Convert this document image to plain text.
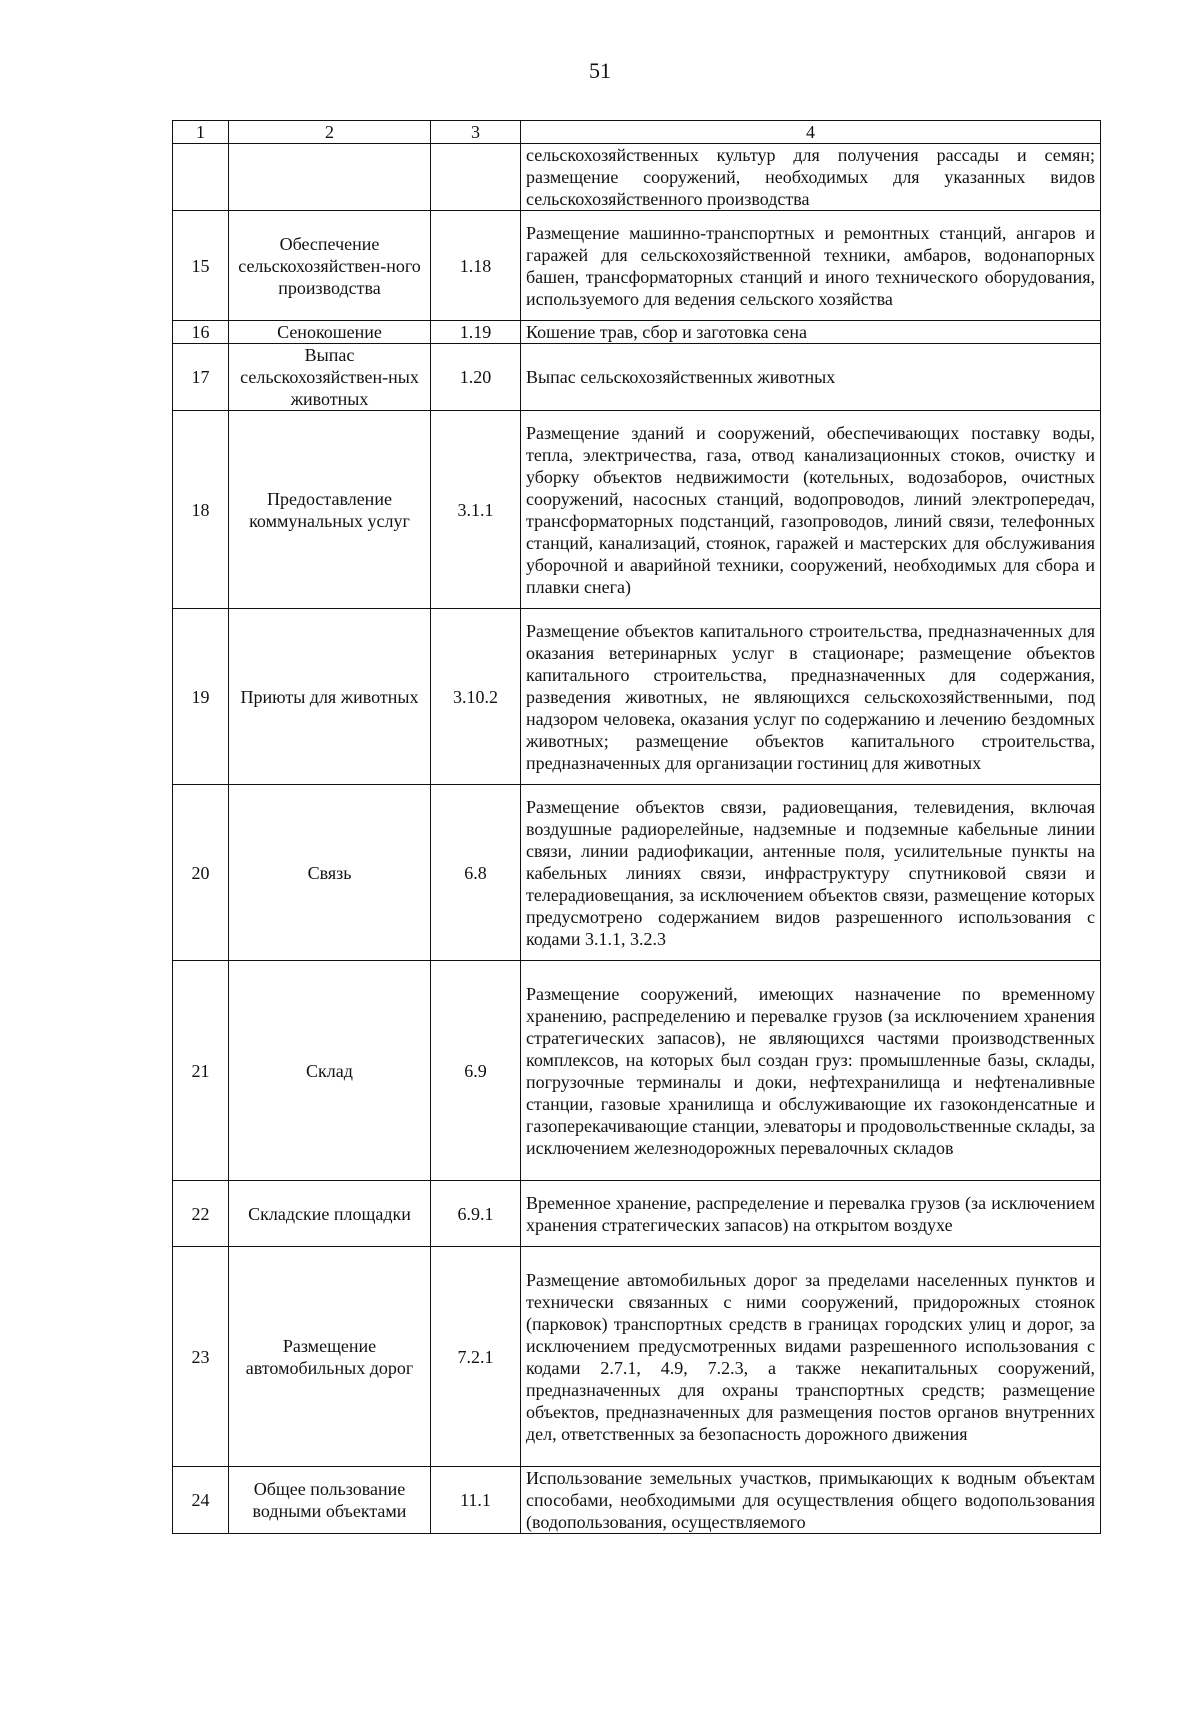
51
1	2	3	4
			сельскохозяйственных культур для получения рассады и семян; размещение сооружений, необходимых для указанных видов сельскохозяйственного производства
15	Обеспечение сельскохозяйствен-ного производства	1.18	Размещение машинно-транспортных и ремонтных станций, ангаров и гаражей для сельскохозяйственной техники, амбаров, водонапорных башен, трансформаторных станций и иного технического оборудования, используемого для ведения сельского хозяйства
16	Сенокошение	1.19	Кошение трав, сбор и заготовка сена
17	Выпас сельскохозяйствен-ных животных	1.20	Выпас сельскохозяйственных животных
18	Предоставление коммунальных услуг	3.1.1	Размещение зданий и сооружений, обеспечивающих поставку воды, тепла, электричества, газа, отвод канализационных стоков, очистку и уборку объектов недвижимости (котельных, водозаборов, очистных сооружений, насосных станций, водопроводов, линий электропередач, трансформаторных подстанций, газопроводов, линий связи, телефонных станций, канализаций, стоянок, гаражей и мастерских для обслуживания уборочной и аварийной техники, сооружений, необходимых для сбора и плавки снега)
19	Приюты для животных	3.10.2	Размещение объектов капитального строительства, предназначенных для оказания ветеринарных услуг в стационаре; размещение объектов капитального строительства, предназначенных для содержания, разведения животных, не являющихся сельскохозяйственными, под надзором человека, оказания услуг по содержанию и лечению бездомных животных; размещение объектов капитального строительства, предназначенных для организации гостиниц для животных
20	Связь	6.8	Размещение объектов связи, радиовещания, телевидения, включая воздушные радиорелейные, надземные и подземные кабельные линии связи, линии радиофикации, антенные поля, усилительные пункты на кабельных линиях связи, инфраструктуру спутниковой связи и телерадиовещания, за исключением объектов связи, размещение которых предусмотрено содержанием видов разрешенного использования с кодами 3.1.1, 3.2.3
21	Склад	6.9	Размещение сооружений, имеющих назначение по временному хранению, распределению и перевалке грузов (за исключением хранения стратегических запасов), не являющихся частями производственных комплексов, на которых был создан груз: промышленные базы, склады, погрузочные терминалы и доки, нефтехранилища и нефтеналивные станции, газовые хранилища и обслуживающие их газоконденсатные и газоперекачивающие станции, элеваторы и продовольственные склады, за исключением железнодорожных перевалочных складов
22	Складские площадки	6.9.1	Временное хранение, распределение и перевалка грузов (за исключением хранения стратегических запасов) на открытом воздухе
23	Размещение автомобильных дорог	7.2.1	Размещение автомобильных дорог за пределами населенных пунктов и технически связанных с ними сооружений, придорожных стоянок (парковок) транспортных средств в границах городских улиц и дорог, за исключением предусмотренных видами разрешенного использования с кодами 2.7.1, 4.9, 7.2.3, а также некапитальных сооружений, предназначенных для охраны транспортных средств; размещение объектов, предназначенных для размещения постов органов внутренних дел, ответственных за безопасность дорожного движения
24	Общее пользование водными объектами	11.1	Использование земельных участков, примыкающих к водным объектам способами, необходимыми для осуществления общего водопользования (водопользования, осуществляемого
